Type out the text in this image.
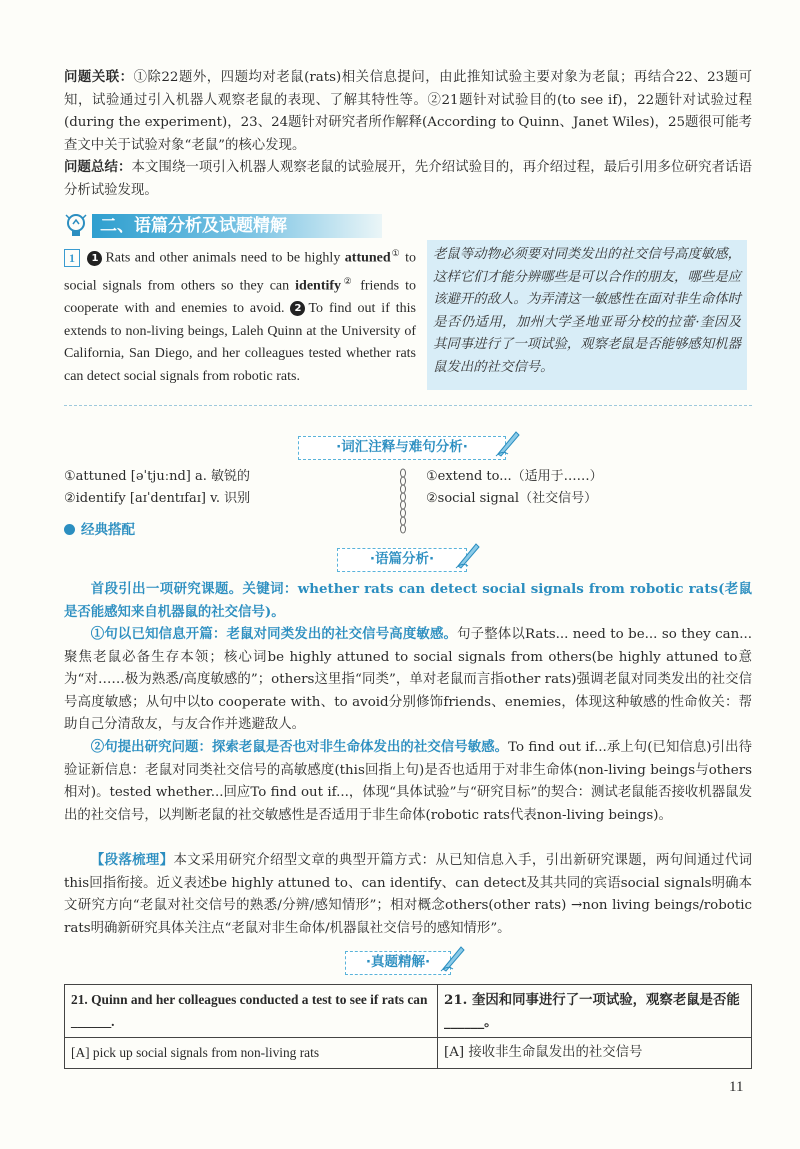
问题关联：①除22题外，四题均对老鼠(rats)相关信息提问，由此推知试验主要对象为老鼠；再结合22、23题可知，试验通过引入机器人观察老鼠的表现、了解其特性等。②21题针对试验目的(to see if)，22题针对试验过程(during the experiment)，23、24题针对研究者所作解释(According to Quinn、Janet Wiles)，25题很可能考查文中关于试验对象“老鼠”的核心发现。

问题总结：本文围绕一项引入机器人观察老鼠的试验展开，先介绍试验目的，再介绍过程，最后引用多位研究者话语分析试验发现。

二、语篇分析及试题精解
1 1 Rats and other animals need to be highly attuned① to social signals from others so they can identify② friends to cooperate with and enemies to avoid. 2 To find out if this extends to non-living beings, Laleh Quinn at the University of California, San Diego, and her colleagues tested whether rats can detect social signals from robotic rats.
老鼠等动物必须要对同类发出的社交信号高度敏感，这样它们才能分辨哪些是可以合作的朋友，哪些是应该避开的敌人。为弄清这一敏感性在面对非生命体时是否仍适用，加州大学圣地亚哥分校的拉蕾·奎因及其同事进行了一项试验，观察老鼠是否能够感知机器鼠发出的社交信号。
·词汇注释与难句分析·
①attuned [əˈtjuːnd] a. 敏锐的
②identify [aɪˈdentɪfaɪ] v. 识别
①extend to...（适用于……）
②social signal（社交信号）
经典搭配
·语篇分析·

首段引出一项研究课题。关键词：whether rats can detect social signals from robotic rats(老鼠是否能感知来自机器鼠的社交信号)。

①句以已知信息开篇：老鼠对同类发出的社交信号高度敏感。句子整体以Rats... need to be... so they can...聚焦老鼠必备生存本领；核心词be highly attuned to social signals from others(be highly attuned to意为“对……极为熟悉/高度敏感的”；others这里指“同类”，单对老鼠而言指other rats)强调老鼠对同类发出的社交信号高度敏感；从句中以to cooperate with、to avoid分别修饰friends、enemies，体现这种敏感的性命攸关：帮助自己分清敌友，与友合作并逃避敌人。

②句提出研究问题：探索老鼠是否也对非生命体发出的社交信号敏感。To find out if...承上句(已知信息)引出待验证新信息：老鼠对同类社交信号的高敏感度(this回指上句)是否也适用于对非生命体(non-living beings与others相对)。tested whether...回应To find out if...，体现“具体试验”与“研究目标”的契合：测试老鼠能否接收机器鼠发出的社交信号，以判断老鼠的社交敏感性是否适用于非生命体(robotic rats代表non-living beings)。

【段落梳理】本文采用研究介绍型文章的典型开篇方式：从已知信息入手，引出新研究课题，两句间通过代词this回指衔接。近义表述be highly attuned to、can identify、can detect及其共同的宾语social signals明确本文研究方向“老鼠对社交信号的熟悉/分辨/感知情形”；相对概念others(other rats) →non living beings/robotic rats明确新研究具体关注点“老鼠对非生命体/机器鼠社交信号的感知情形”。

·真题精解·
21. Quinn and her colleagues conducted a test to see if rats can ______.	21. 奎因和同事进行了一项试验，观察老鼠是否能______。
[A] pick up social signals from non-living rats	[A] 接收非生命鼠发出的社交信号
11
